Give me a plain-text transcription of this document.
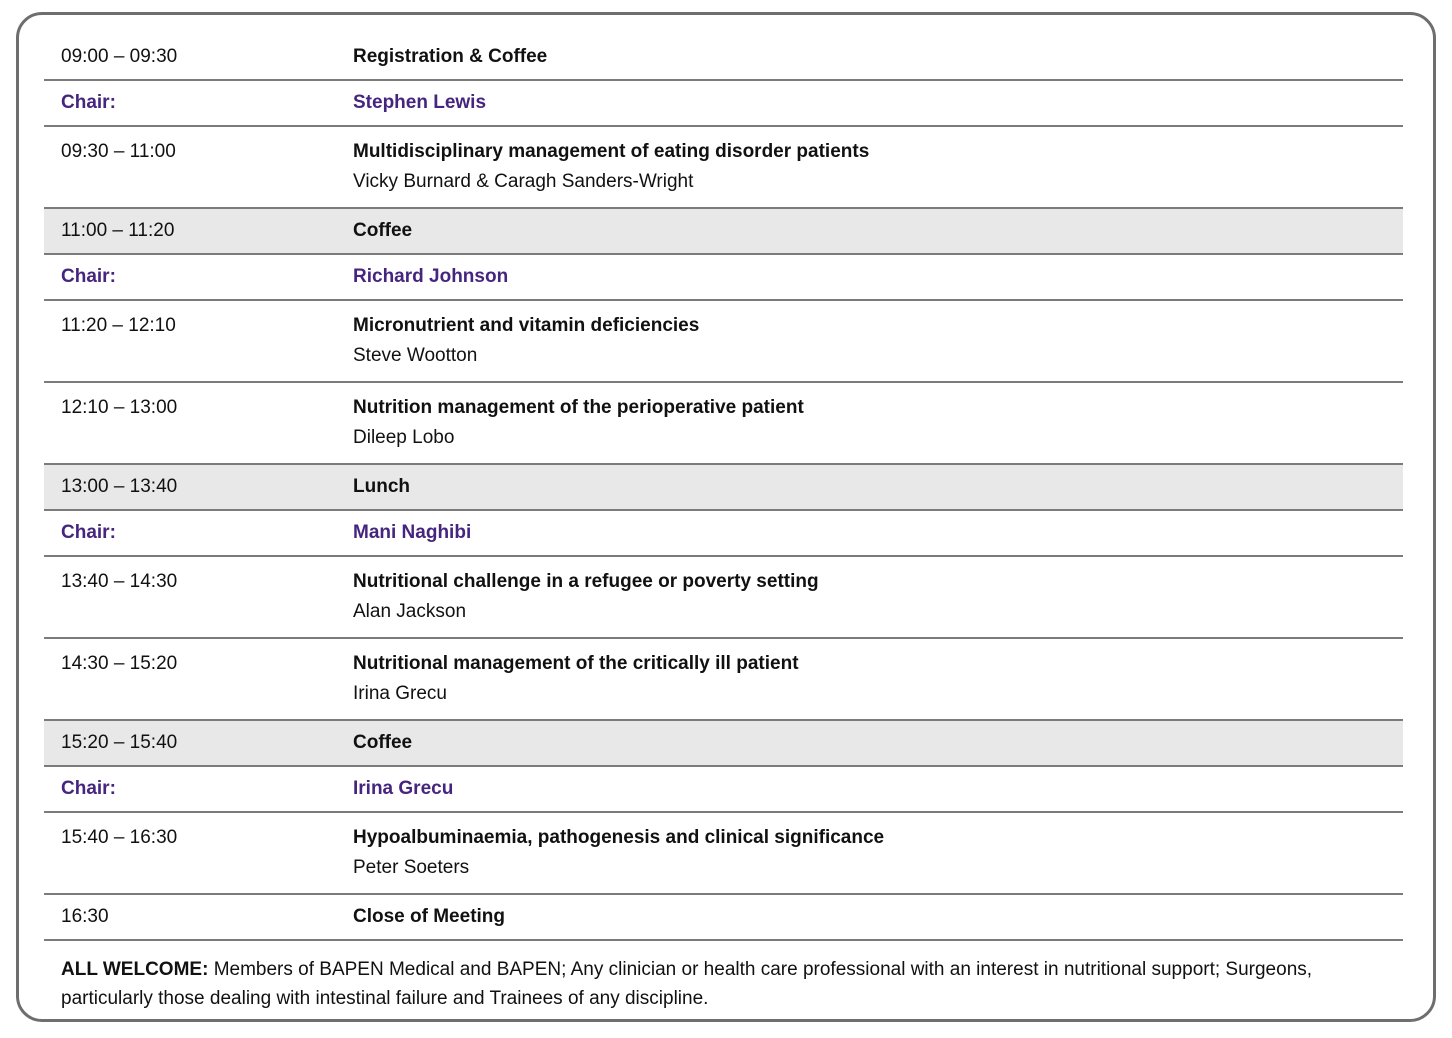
09:00 – 09:30	Registration & Coffee
Chair:	Stephen Lewis
09:30 – 11:00	Multidisciplinary management of eating disorder patients
Vicky Burnard & Caragh Sanders-Wright
11:00 – 11:20	Coffee
Chair:	Richard Johnson
11:20 – 12:10	Micronutrient and vitamin deficiencies
Steve Wootton
12:10 – 13:00	Nutrition management of the perioperative patient
Dileep Lobo
13:00 – 13:40	Lunch
Chair:	Mani Naghibi
13:40 – 14:30	Nutritional challenge in a refugee or poverty setting
Alan Jackson
14:30 – 15:20	Nutritional management of the critically ill patient
Irina Grecu
15:20 – 15:40	Coffee
Chair:	Irina Grecu
15:40 – 16:30	Hypoalbuminaemia, pathogenesis and clinical significance
Peter Soeters
16:30	Close of Meeting

ALL WELCOME: Members of BAPEN Medical and BAPEN; Any clinician or health care professional with an interest in nutritional support; Surgeons, particularly those dealing with intestinal failure and Trainees of any discipline.
